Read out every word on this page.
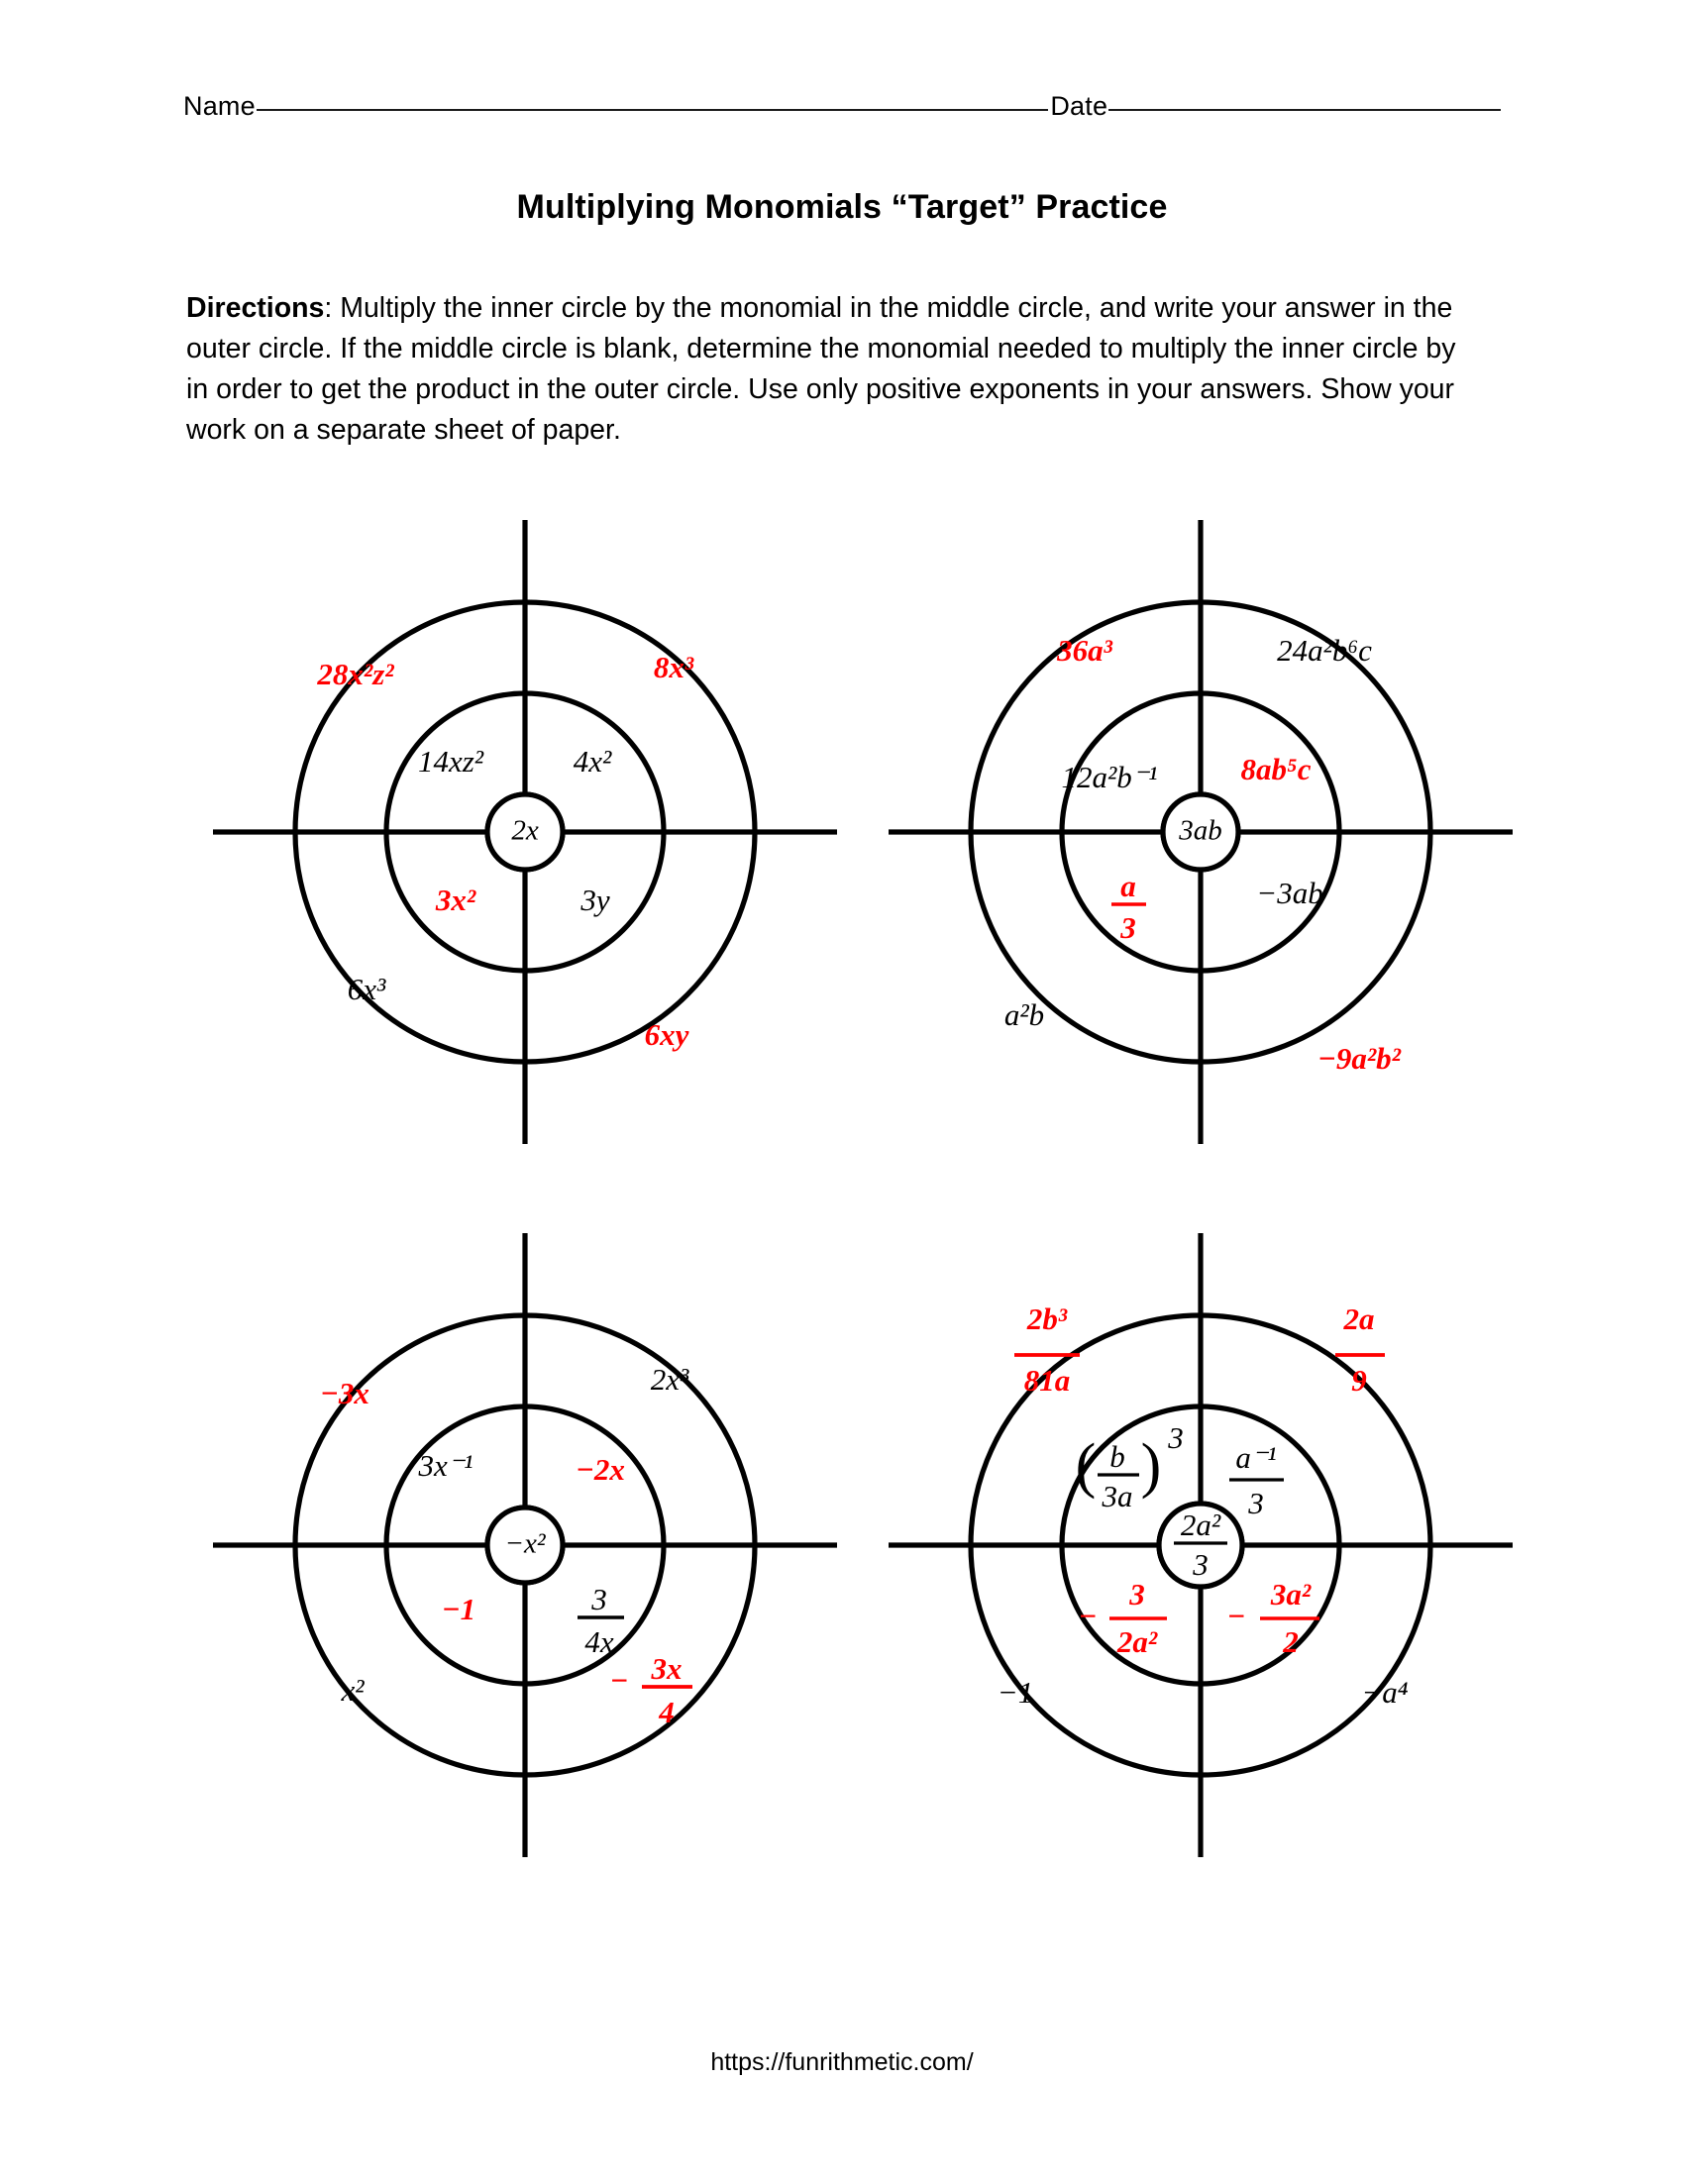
Name	Date
Multiplying Monomials “Target” Practice

Directions: Multiply the inner circle by the monomial in the middle circle, and write your answer in the outer circle. If the middle circle is blank, determine the monomial needed to multiply the inner circle by in order to get the product in the outer circle. Use only positive exponents in your answers. Show your work on a separate sheet of paper.

2x
14xz²	4x²
3x²	3y
28x²z²	8x³
6x³
6xy
3ab
12a²b⁻¹	8ab⁵c
a
3
−3ab
36a³	24a²b⁶c
a²b
−9a²b²
−x²
3x⁻¹	−2x
−1	3
4x
−3x	2x³
x²	− 3x
4
2a²
3
( b
3a ) 3
a⁻¹
3
−
3
2a²
−
3a²
2
2b³
81a
2a
9
−1	−a⁴
https://funrithmetic.com/
